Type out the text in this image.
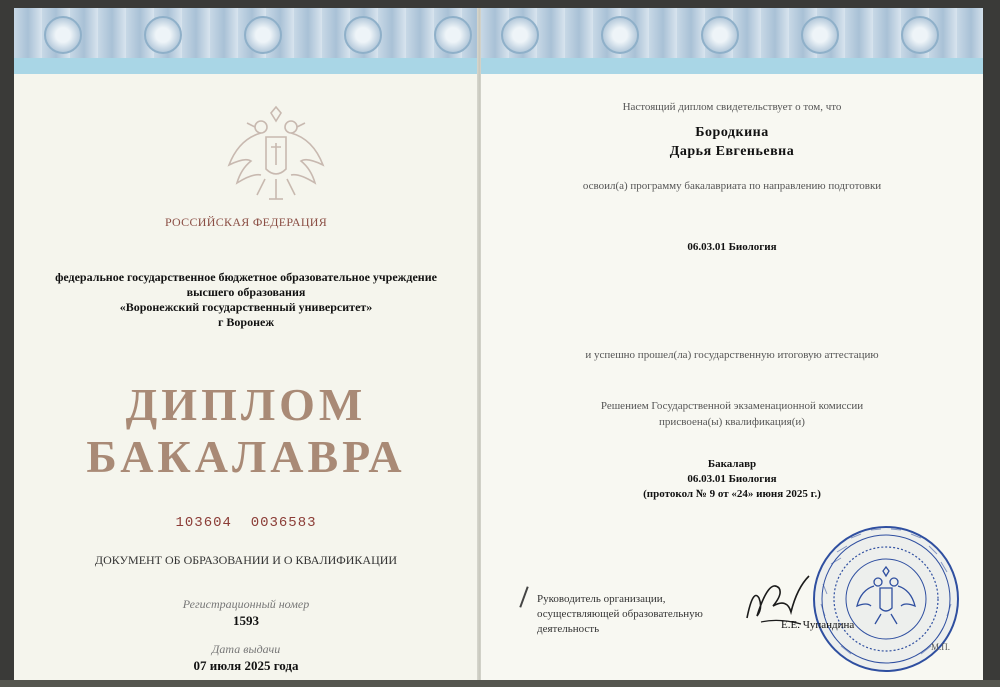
РОССИЙСКАЯ ФЕДЕРАЦИЯ
федеральное государственное бюджетное образовательное учреждение
высшего образования
«Воронежский государственный университет»
г Воронеж
ДИПЛОМ
БАКАЛАВРА
103604  0036583
ДОКУМЕНТ ОБ ОБРАЗОВАНИИ И О КВАЛИФИКАЦИИ
Регистрационный номер
1593
Дата выдачи
07 июля 2025 года
Настоящий диплом свидетельствует о том, что
Бородкина
Дарья Евгеньевна
освоил(а) программу бакалавриата по направлению подготовки
06.03.01 Биология
и успешно прошел(ла) государственную итоговую аттестацию
Решением Государственной экзаменационной комиссии
присвоена(ы) квалификация(и)
Бакалавр
06.03.01 Биология
(протокол № 9 от «24» июня 2025 г.)
Руководитель организации,
осуществляющей образовательную
деятельность	Е.Е. Чупандина
М.П.
